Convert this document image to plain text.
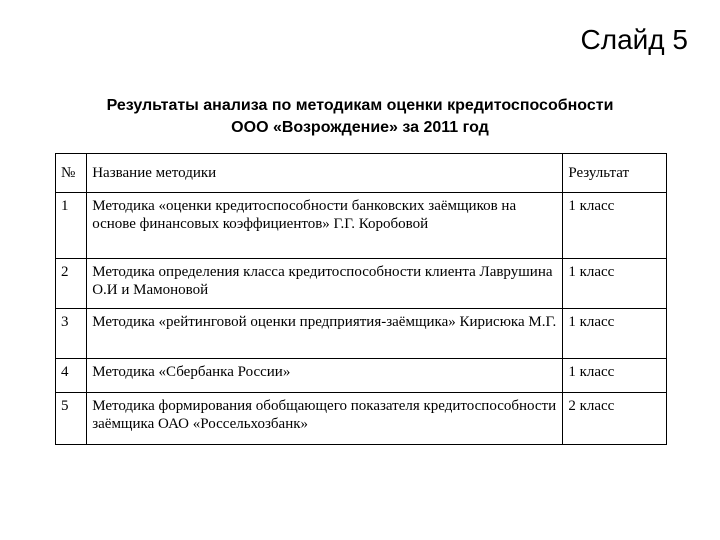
Слайд 5
Результаты анализа по методикам оценки кредитоспособности
ООО «Возрождение» за 2011 год
№	Название методики	Результат
1	Методика «оценки кредитоспособности банковских заёмщиков на основе финансовых коэффициентов» Г.Г. Коробовой	1 класс
2	Методика определения класса кредитоспособности клиента Лаврушина О.И и Мамоновой	1 класс
3	Методика «рейтинговой оценки предприятия-заёмщика» Кирисюка М.Г.	1 класс
4	Методика «Сбербанка России»	1 класс
5	Методика формирования обобщающего показателя кредитоспособности заёмщика ОАО «Россельхозбанк»	2 класс
